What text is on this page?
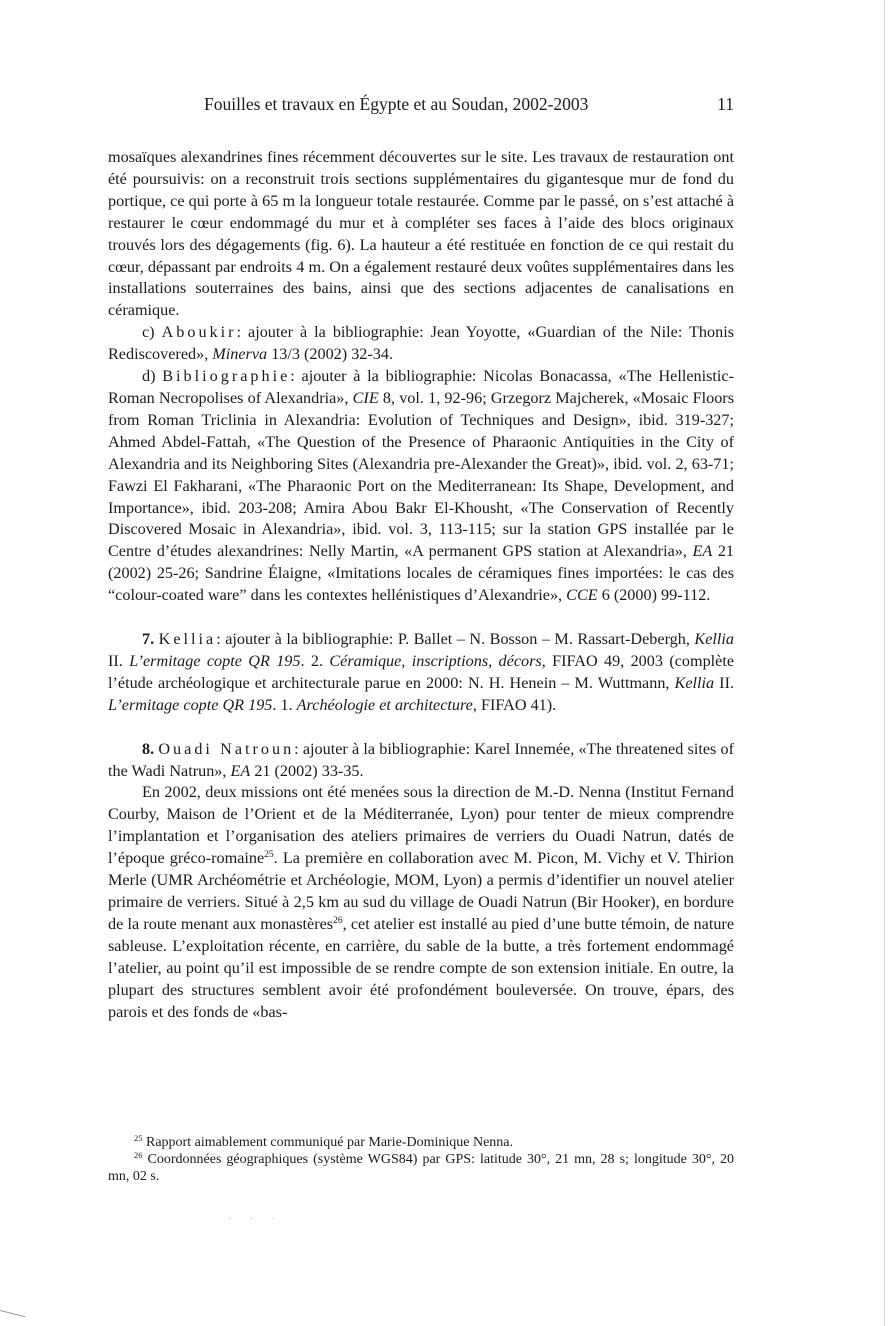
Fouilles et travaux en Égypte et au Soudan, 2002-2003	11

mosaïques alexandrines fines récemment découvertes sur le site. Les travaux de restauration ont été poursuivis: on a reconstruit trois sections supplémentaires du gigantesque mur de fond du portique, ce qui porte à 65 m la longueur totale restaurée. Comme par le passé, on s’est attaché à restaurer le cœur endommagé du mur et à compléter ses faces à l’aide des blocs originaux trouvés lors des dégagements (fig. 6). La hauteur a été restituée en fonction de ce qui restait du cœur, dépassant par endroits 4 m. On a également restauré deux voûtes supplémentaires dans les installations souterraines des bains, ainsi que des sections adjacentes de canalisations en céramique.

c) Aboukir: ajouter à la bibliographie: Jean Yoyotte, «Guardian of the Nile: Thonis Rediscovered», Minerva 13/3 (2002) 32-34.

d) Bibliographie: ajouter à la bibliographie: Nicolas Bonacassa, «The Hellenistic-Roman Necropolises of Alexandria», CIE 8, vol. 1, 92-96; Grzegorz Majcherek, «Mosaic Floors from Roman Triclinia in Alexandria: Evolution of Techniques and Design», ibid. 319-327; Ahmed Abdel-Fattah, «The Question of the Presence of Pharaonic Antiquities in the City of Alexandria and its Neighboring Sites (Alexandria pre-Alexander the Great)», ibid. vol. 2, 63-71; Fawzi El Fakharani, «The Pharaonic Port on the Mediterranean: Its Shape, Development, and Importance», ibid. 203-208; Amira Abou Bakr El-Khousht, «The Conservation of Recently Discovered Mosaic in Alexandria», ibid. vol. 3, 113-115; sur la station GPS installée par le Centre d’études alexandrines: Nelly Martin, «A permanent GPS station at Alexandria», EA 21 (2002) 25-26; Sandrine Élaigne, «Imitations locales de céramiques fines importées: le cas des “colour-coated ware” dans les contextes hellénistiques d’Alexandrie», CCE 6 (2000) 99-112.

7. Kellia: ajouter à la bibliographie: P. Ballet – N. Bosson – M. Rassart-Debergh, Kellia II. L’ermitage copte QR 195. 2. Céramique, inscriptions, décors, FIFAO 49, 2003 (complète l’étude archéologique et architecturale parue en 2000: N. H. Henein – M. Wuttmann, Kellia II. L’ermitage copte QR 195. 1. Archéologie et architecture, FIFAO 41).

8. Ouadi Natroun: ajouter à la bibliographie: Karel Innemée, «The threatened sites of the Wadi Natrun», EA 21 (2002) 33-35.

En 2002, deux missions ont été menées sous la direction de M.-D. Nenna (Institut Fernand Courby, Maison de l’Orient et de la Méditerranée, Lyon) pour tenter de mieux comprendre l’implantation et l’organisation des ateliers primaires de verriers du Ouadi Natrun, datés de l’époque gréco-romaine$^{25}$. La première en collaboration avec M. Picon, M. Vichy et V. Thirion Merle (UMR Archéométrie et Archéologie, MOM, Lyon) a permis d’identifier un nouvel atelier primaire de verriers. Situé à 2,5 km au sud du village de Ouadi Natrun (Bir Hooker), en bordure de la route menant aux monastères$^{26}$, cet atelier est installé au pied d’une butte témoin, de nature sableuse. L’exploitation récente, en carrière, du sable de la butte, a très fortement endommagé l’atelier, au point qu’il est impossible de se rendre compte de son extension initiale. En outre, la plupart des structures semblent avoir été profondément bouleversée. On trouve, épars, des parois et des fonds de «bas-

$^{25}$ Rapport aimablement communiqué par Marie-Dominique Nenna.

$^{26}$ Coordonnées géographiques (système WGS84) par GPS: latitude 30°, 21 mn, 28 s; longitude 30°, 20 mn, 02 s.

· · ·
